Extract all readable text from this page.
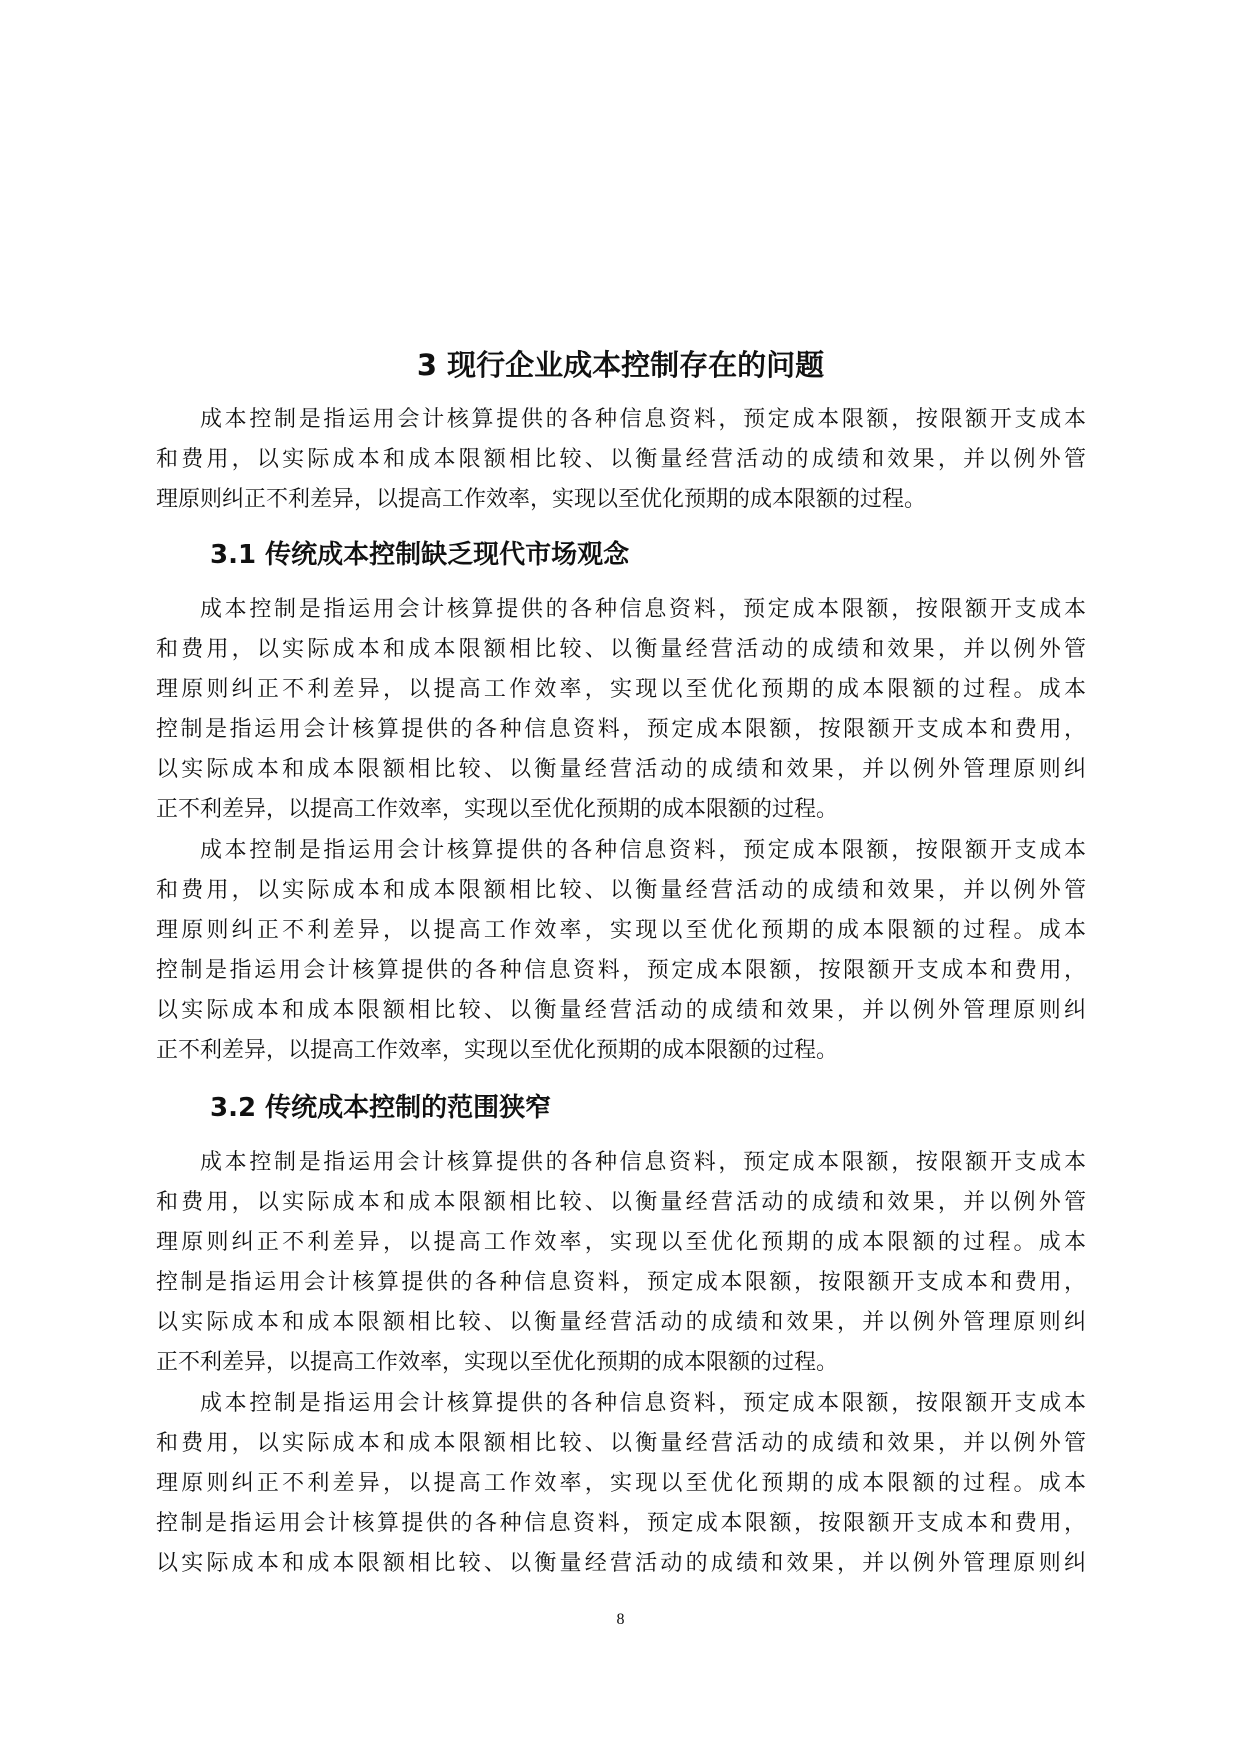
3 现行企业成本控制存在的问题

成本控制是指运用会计核算提供的各种信息资料，预定成本限额，按限额开支成本

和费用，以实际成本和成本限额相比较、以衡量经营活动的成绩和效果，并以例外管

理原则纠正不利差异，以提高工作效率，实现以至优化预期的成本限额的过程。

3.1 传统成本控制缺乏现代市场观念

成本控制是指运用会计核算提供的各种信息资料，预定成本限额，按限额开支成本

和费用，以实际成本和成本限额相比较、以衡量经营活动的成绩和效果，并以例外管

理原则纠正不利差异，以提高工作效率，实现以至优化预期的成本限额的过程。成本

控制是指运用会计核算提供的各种信息资料，预定成本限额，按限额开支成本和费用，

以实际成本和成本限额相比较、以衡量经营活动的成绩和效果，并以例外管理原则纠

正不利差异，以提高工作效率，实现以至优化预期的成本限额的过程。

成本控制是指运用会计核算提供的各种信息资料，预定成本限额，按限额开支成本

和费用，以实际成本和成本限额相比较、以衡量经营活动的成绩和效果，并以例外管

理原则纠正不利差异，以提高工作效率，实现以至优化预期的成本限额的过程。成本

控制是指运用会计核算提供的各种信息资料，预定成本限额，按限额开支成本和费用，

以实际成本和成本限额相比较、以衡量经营活动的成绩和效果，并以例外管理原则纠

正不利差异，以提高工作效率，实现以至优化预期的成本限额的过程。

3.2 传统成本控制的范围狭窄

成本控制是指运用会计核算提供的各种信息资料，预定成本限额，按限额开支成本

和费用，以实际成本和成本限额相比较、以衡量经营活动的成绩和效果，并以例外管

理原则纠正不利差异，以提高工作效率，实现以至优化预期的成本限额的过程。成本

控制是指运用会计核算提供的各种信息资料，预定成本限额，按限额开支成本和费用，

以实际成本和成本限额相比较、以衡量经营活动的成绩和效果，并以例外管理原则纠

正不利差异，以提高工作效率，实现以至优化预期的成本限额的过程。

成本控制是指运用会计核算提供的各种信息资料，预定成本限额，按限额开支成本

和费用，以实际成本和成本限额相比较、以衡量经营活动的成绩和效果，并以例外管

理原则纠正不利差异，以提高工作效率，实现以至优化预期的成本限额的过程。成本

控制是指运用会计核算提供的各种信息资料，预定成本限额，按限额开支成本和费用，

以实际成本和成本限额相比较、以衡量经营活动的成绩和效果，并以例外管理原则纠

8
